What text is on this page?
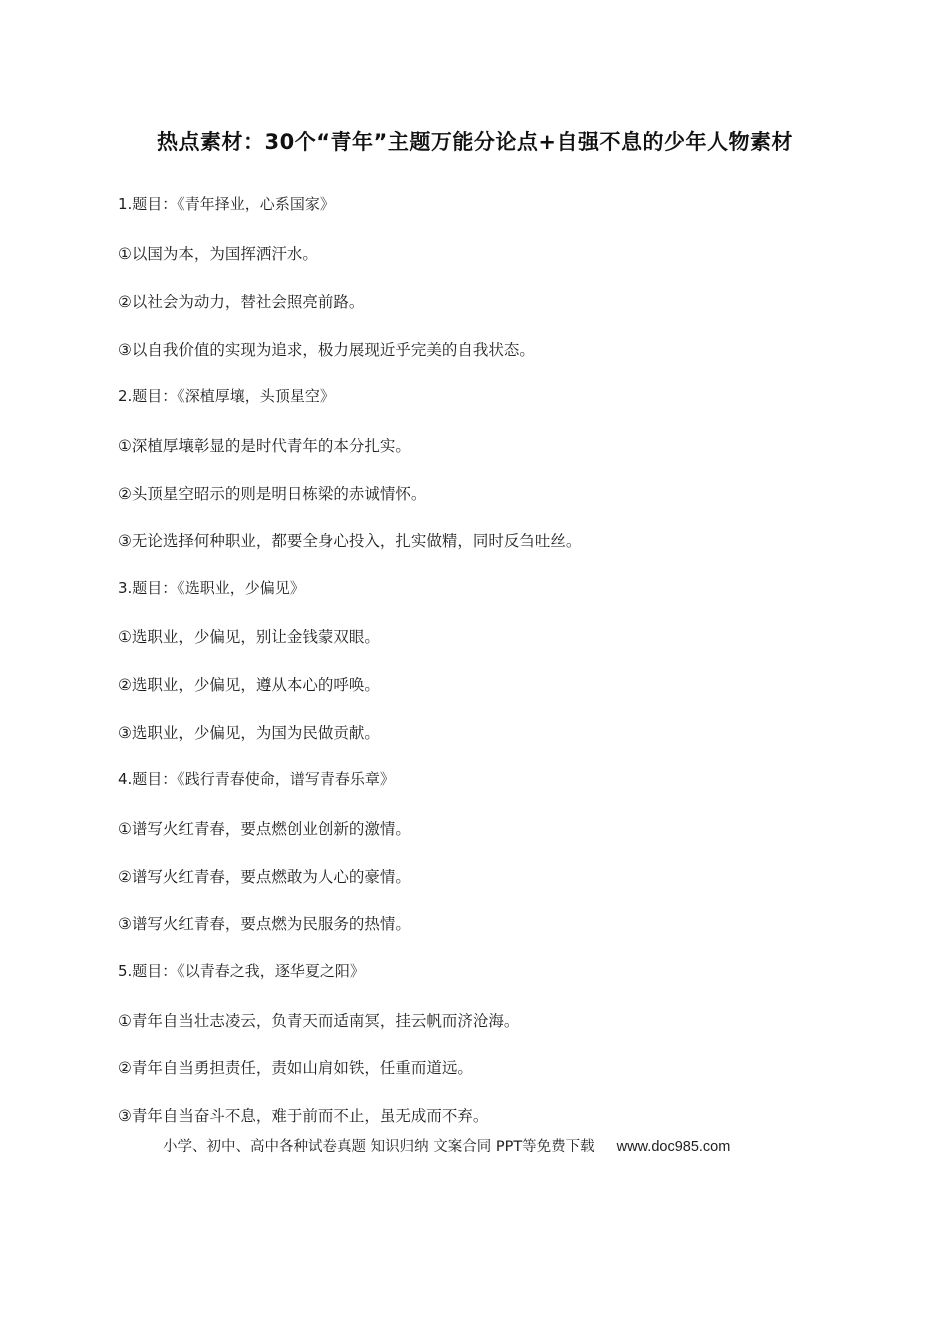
热点素材：30个“青年”主题万能分论点+自强不息的少年人物素材
1.题目：《青年择业，心系国家》
①以国为本，为国挥洒汗水。
②以社会为动力，替社会照亮前路。
③以自我价值的实现为追求，极力展现近乎完美的自我状态。
2.题目：《深植厚壤，头顶星空》
①深植厚壤彰显的是时代青年的本分扎实。
②头顶星空昭示的则是明日栋梁的赤诚情怀。
③无论选择何种职业，都要全身心投入，扎实做精，同时反刍吐丝。
3.题目：《选职业，少偏见》
①选职业，少偏见，别让金钱蒙双眼。
②选职业，少偏见，遵从本心的呼唤。
③选职业，少偏见，为国为民做贡献。
4.题目：《践行青春使命，谱写青春乐章》
①谱写火红青春，要点燃创业创新的激情。
②谱写火红青春，要点燃敢为人心的豪情。
③谱写火红青春，要点燃为民服务的热情。
5.题目：《以青春之我，逐华夏之阳》
①青年自当壮志凌云，负青天而适南冥，挂云帆而济沧海。
②青年自当勇担责任，责如山肩如铁，任重而道远。
③青年自当奋斗不息，难于前而不止，虽无成而不弃。
小学、初中、高中各种试卷真题 知识归纳 文案合同 PPT等免费下载 www.doc985.com
